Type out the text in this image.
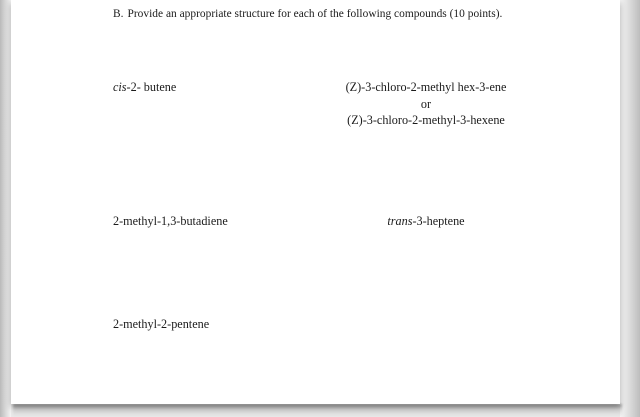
B. Provide an appropriate structure for each of the following compounds (10 points).
cis-2- butene	(Z)-3-chloro-2-methyl hex-3-ene
or
(Z)-3-chloro-2-methyl-3-hexene
2-methyl-1,3-butadiene	trans-3-heptene
2-methyl-2-pentene
